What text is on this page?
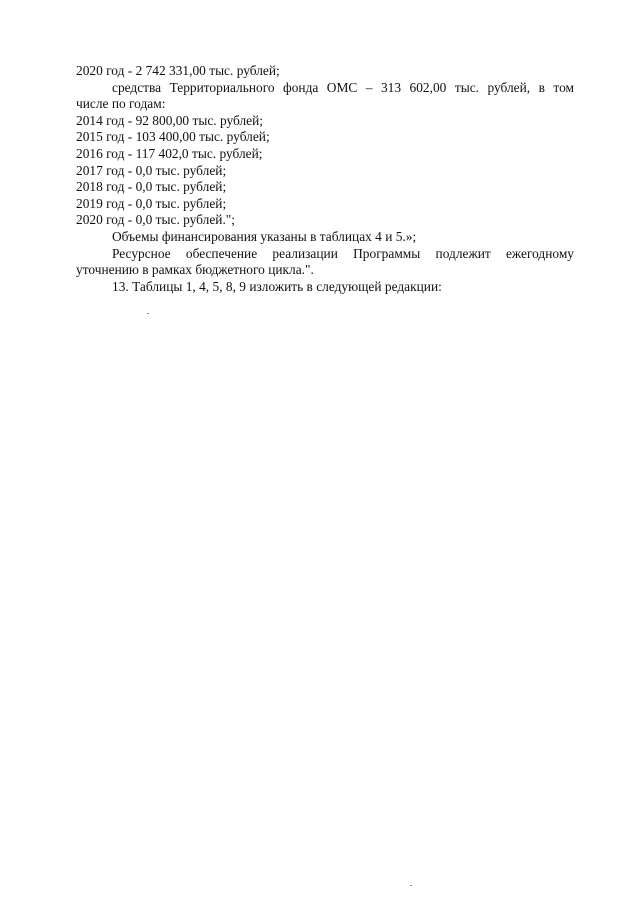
2020 год - 2 742 331,00 тыс. рублей;
средства Территориального фонда ОМС – 313 602,00 тыс. рублей, в том
числе по годам:
2014 год - 92 800,00 тыс. рублей;
2015 год - 103 400,00 тыс. рублей;
2016 год - 117 402,0 тыс. рублей;
2017 год - 0,0 тыс. рублей;
2018 год - 0,0 тыс. рублей;
2019 год - 0,0 тыс. рублей;
2020 год - 0,0 тыс. рублей.";
Объемы финансирования указаны в таблицах 4 и 5.»;
Ресурсное обеспечение реализации Программы подлежит ежегодному уточнению в рамках бюджетного цикла.".
13. Таблицы 1, 4, 5, 8, 9 изложить в следующей редакции:
